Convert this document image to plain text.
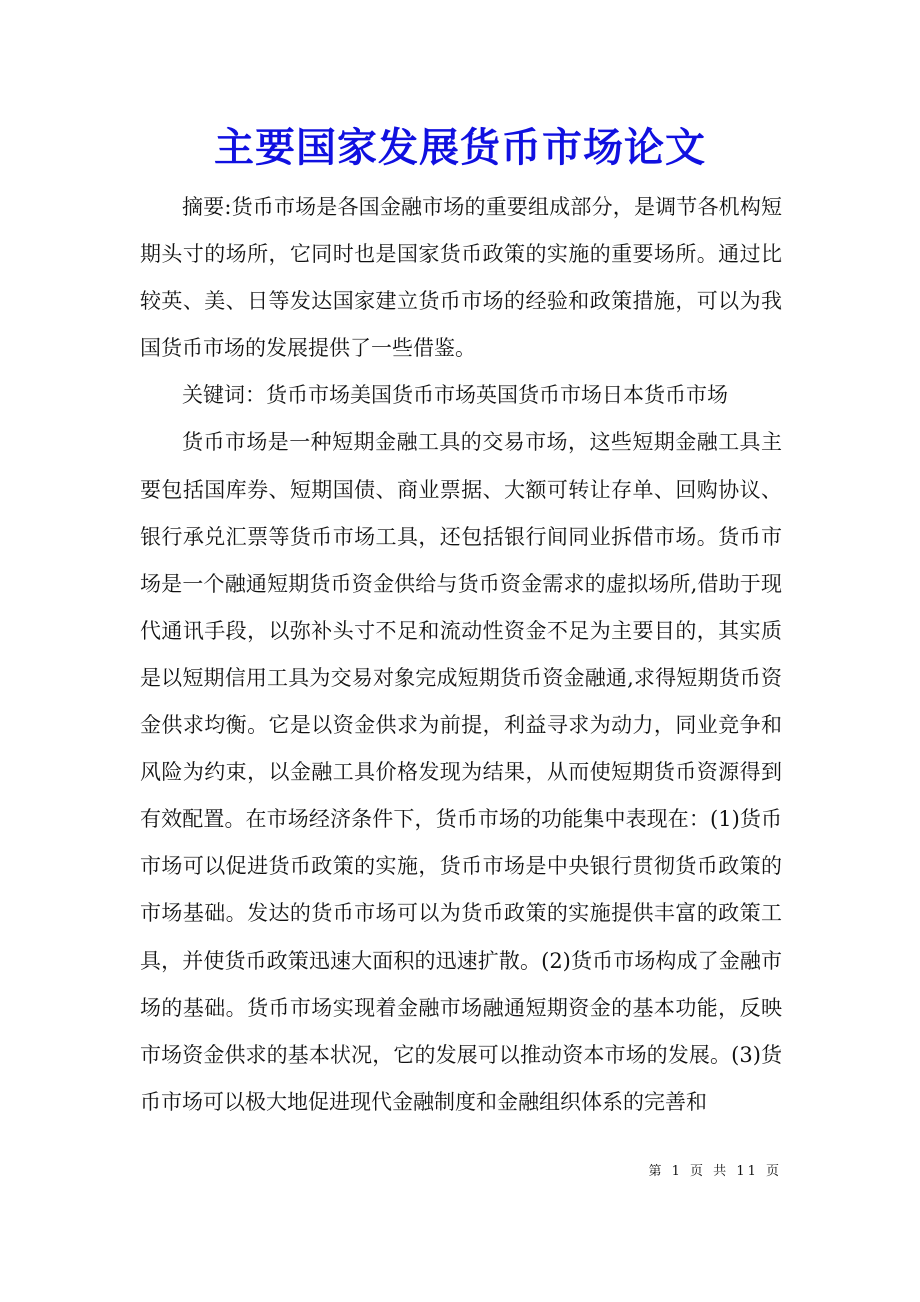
主要国家发展货币市场论文

摘要:货币市场是各国金融市场的重要组成部分，是调节各机构短期头寸的场所，它同时也是国家货币政策的实施的重要场所。通过比较英、美、日等发达国家建立货币市场的经验和政策措施，可以为我国货币市场的发展提供了一些借鉴。

关键词：货币市场美国货币市场英国货币市场日本货币市场

货币市场是一种短期金融工具的交易市场，这些短期金融工具主要包括国库券、短期国债、商业票据、大额可转让存单、回购协议、银行承兑汇票等货币市场工具，还包括银行间同业拆借市场。货币市场是一个融通短期货币资金供给与货币资金需求的虚拟场所,借助于现代通讯手段，以弥补头寸不足和流动性资金不足为主要目的，其实质是以短期信用工具为交易对象完成短期货币资金融通,求得短期货币资金供求均衡。它是以资金供求为前提，利益寻求为动力，同业竞争和风险为约束，以金融工具价格发现为结果，从而使短期货币资源得到有效配置。在市场经济条件下，货币市场的功能集中表现在：(1)货币市场可以促进货币政策的实施，货币市场是中央银行贯彻货币政策的市场基础。发达的货币市场可以为货币政策的实施提供丰富的政策工具，并使货币政策迅速大面积的迅速扩散。(2)货币市场构成了金融市场的基础。货币市场实现着金融市场融通短期资金的基本功能，反映市场资金供求的基本状况，它的发展可以推动资本市场的发展。(3)货币市场可以极大地促进现代金融制度和金融组织体系的完善和

第 1 页 共 11 页
